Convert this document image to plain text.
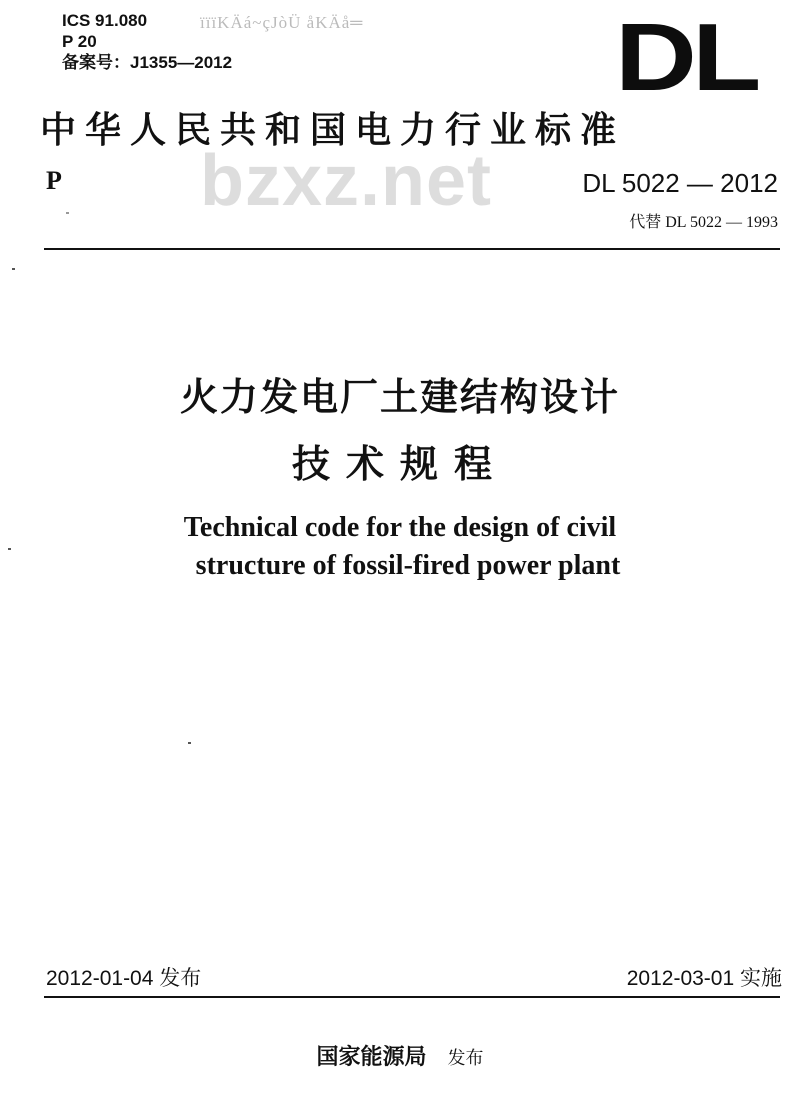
ICS 91.080
P 20
备案号：J1355—2012
ïïïKÄá~çJòÜ åKÄå═	DL
中华人民共和国电力行业标准
bzxz.net
P	DL 5022 — 2012
代替 DL 5022 — 1993
火力发电厂土建结构设计
技术规程
Technical code for the design of civil
structure of fossil-fired power plant
2012-01-04 发布	2012-03-01 实施
国家能源局 发布
